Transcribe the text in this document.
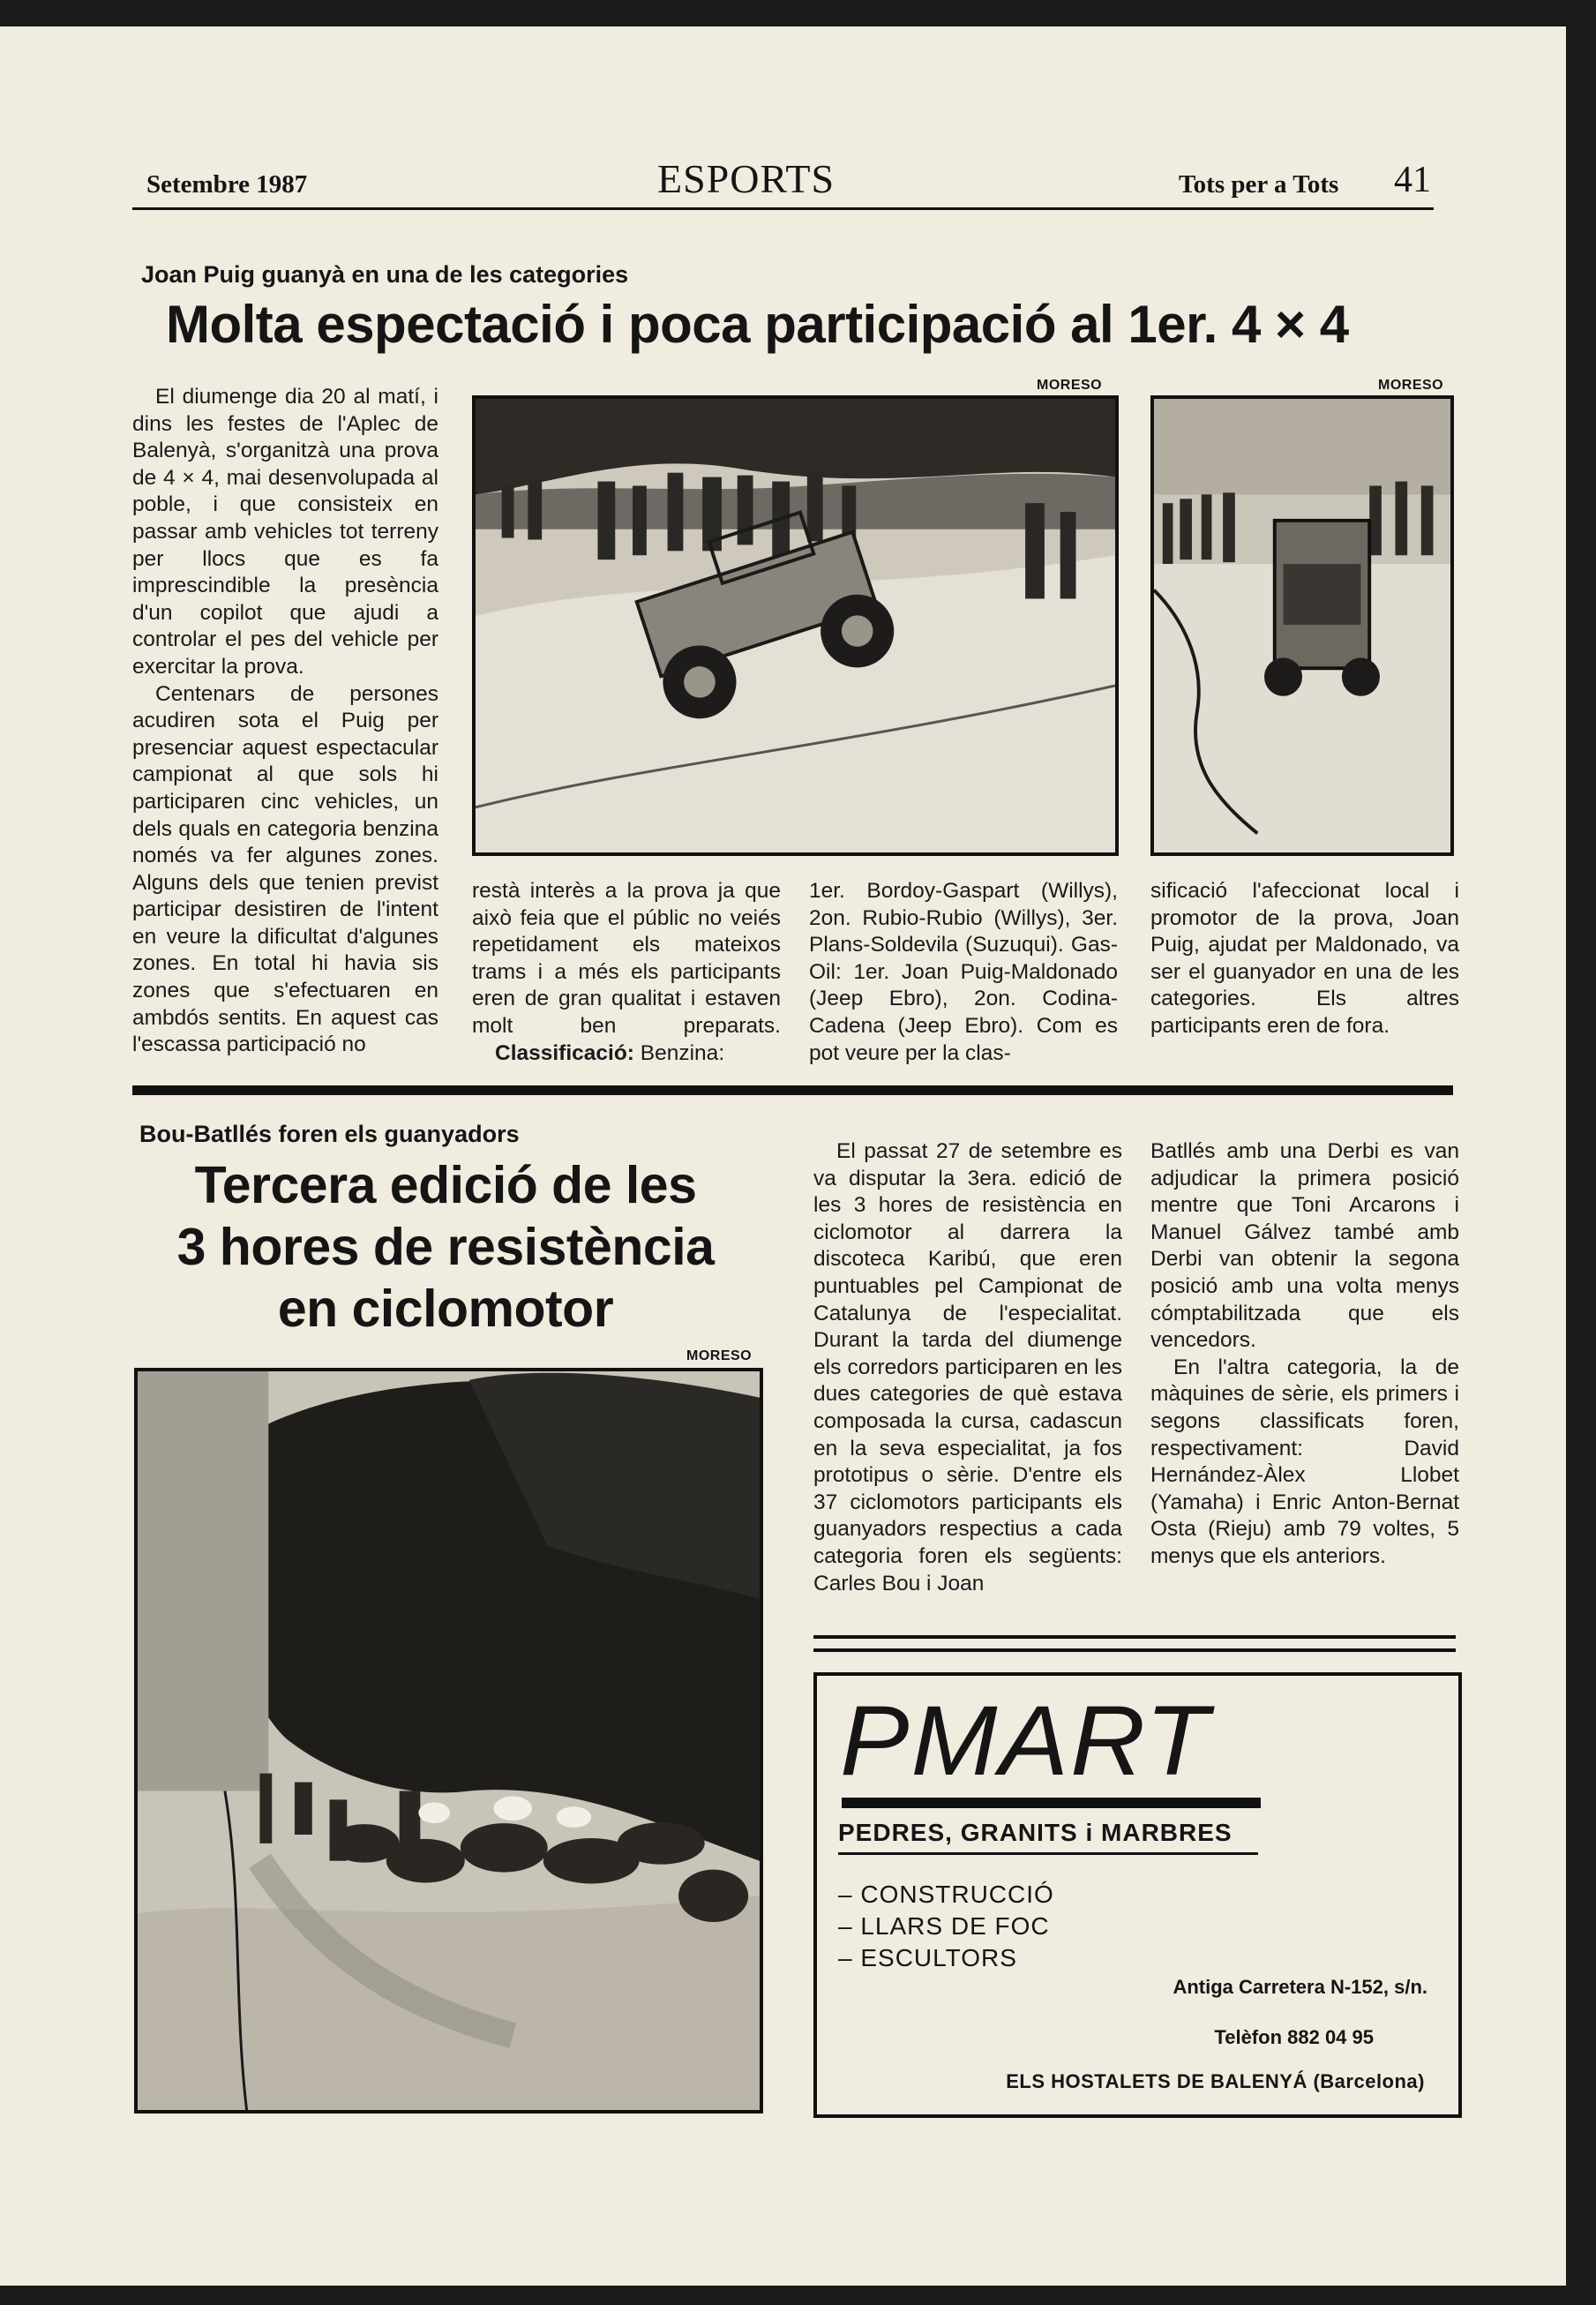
Setembre 1987	ESPORTS	Tots per a Tots 41
Joan Puig guanyà en una de les categories
Molta espectació i poca participació al 1er. 4 × 4
MORESO	MORESO

El diumenge dia 20 al matí, i dins les festes de l'Aplec de Balenyà, s'organitzà una prova de 4 × 4, mai desenvolupada al poble, i que consisteix en passar amb vehicles tot terreny per llocs que es fa imprescindible la presència d'un copilot que ajudi a controlar el pes del vehicle per exercitar la prova.

Centenars de persones acudiren sota el Puig per presenciar aquest espectacular campionat al que sols hi participaren cinc vehicles, un dels quals en categoria benzina només va fer algunes zones. Alguns dels que tenien previst participar desistiren de l'intent en veure la dificultat d'algunes zones. En total hi havia sis zones que s'efectuaren en ambdós sentits. En aquest cas l'escassa participació no

restà interès a la prova ja que això feia que el públic no veiés repetidament els mateixos trams i a més els participants eren de gran qualitat i estaven molt ben preparats. Classificació: Benzina:

1er. Bordoy-Gaspart (Willys), 2on. Rubio-Rubio (Willys), 3er. Plans-Soldevila (Suzuqui). Gas-Oil: 1er. Joan Puig-Maldonado (Jeep Ebro), 2on. Codina-Cadena (Jeep Ebro). Com es pot veure per la clas-

sificació l'afeccionat local i promotor de la prova, Joan Puig, ajudat per Maldonado, va ser el guanyador en una de les categories. Els altres participants eren de fora.

Bou-Batllés foren els guanyadors
Tercera edició de les
3 hores de resistència
en ciclomotor
MORESO

El passat 27 de setembre es va disputar la 3era. edició de les 3 hores de resistència en ciclomotor al darrera la discoteca Karibú, que eren puntuables pel Campionat de Catalunya de l'especialitat. Durant la tarda del diumenge els corredors participaren en les dues categories de què estava composada la cursa, cadascun en la seva especialitat, ja fos prototipus o sèrie. D'entre els 37 ciclomotors participants els guanyadors respectius a cada categoria foren els següents: Carles Bou i Joan

Batllés amb una Derbi es van adjudicar la primera posició mentre que Toni Arcarons i Manuel Gálvez també amb Derbi van obtenir la segona posició amb una volta menys cómptabilitzada que els vencedors.

En l'altra categoria, la de màquines de sèrie, els primers i segons classificats foren, respectivament: David Hernández-Àlex Llobet (Yamaha) i Enric Anton-Bernat Osta (Rieju) amb 79 voltes, 5 menys que els anteriors.

PMART
PEDRES, GRANITS i MARBRES
– CONSTRUCCIÓ
– LLARS DE FOC
– ESCULTORS
Antiga Carretera N-152, s/n.
Telèfon 882 04 95
ELS HOSTALETS DE BALENYÁ (Barcelona)
